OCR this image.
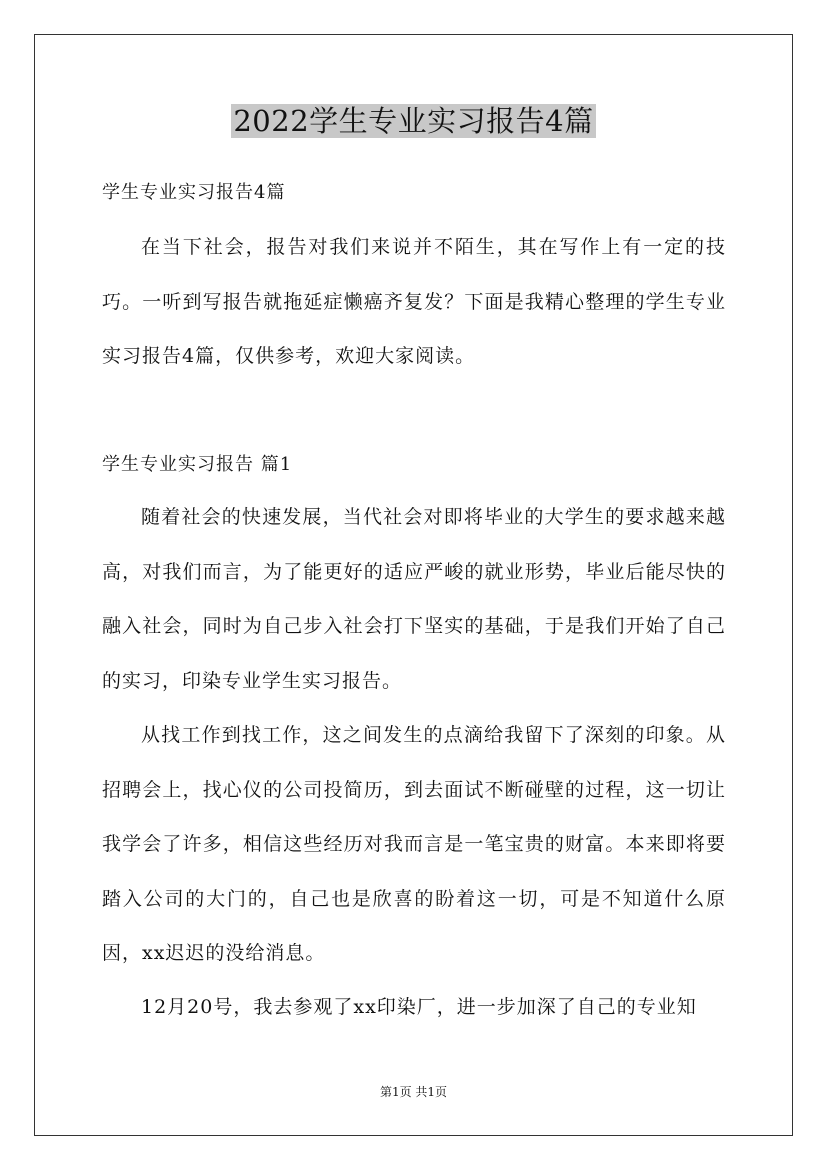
2022学生专业实习报告4篇

学生专业实习报告4篇

在当下社会，报告对我们来说并不陌生，其在写作上有一定的技巧。一听到写报告就拖延症懒癌齐复发？下面是我精心整理的学生专业实习报告4篇，仅供参考，欢迎大家阅读。

学生专业实习报告 篇1

随着社会的快速发展，当代社会对即将毕业的大学生的要求越来越高，对我们而言，为了能更好的适应严峻的就业形势，毕业后能尽快的融入社会，同时为自己步入社会打下坚实的基础，于是我们开始了自己的实习，印染专业学生实习报告。

从找工作到找工作，这之间发生的点滴给我留下了深刻的印象。从招聘会上，找心仪的公司投简历，到去面试不断碰壁的过程，这一切让我学会了许多，相信这些经历对我而言是一笔宝贵的财富。本来即将要踏入公司的大门的，自己也是欣喜的盼着这一切，可是不知道什么原因，xx迟迟的没给消息。

12月20号，我去参观了xx印染厂，进一步加深了自己的专业知

第1页 共1页
